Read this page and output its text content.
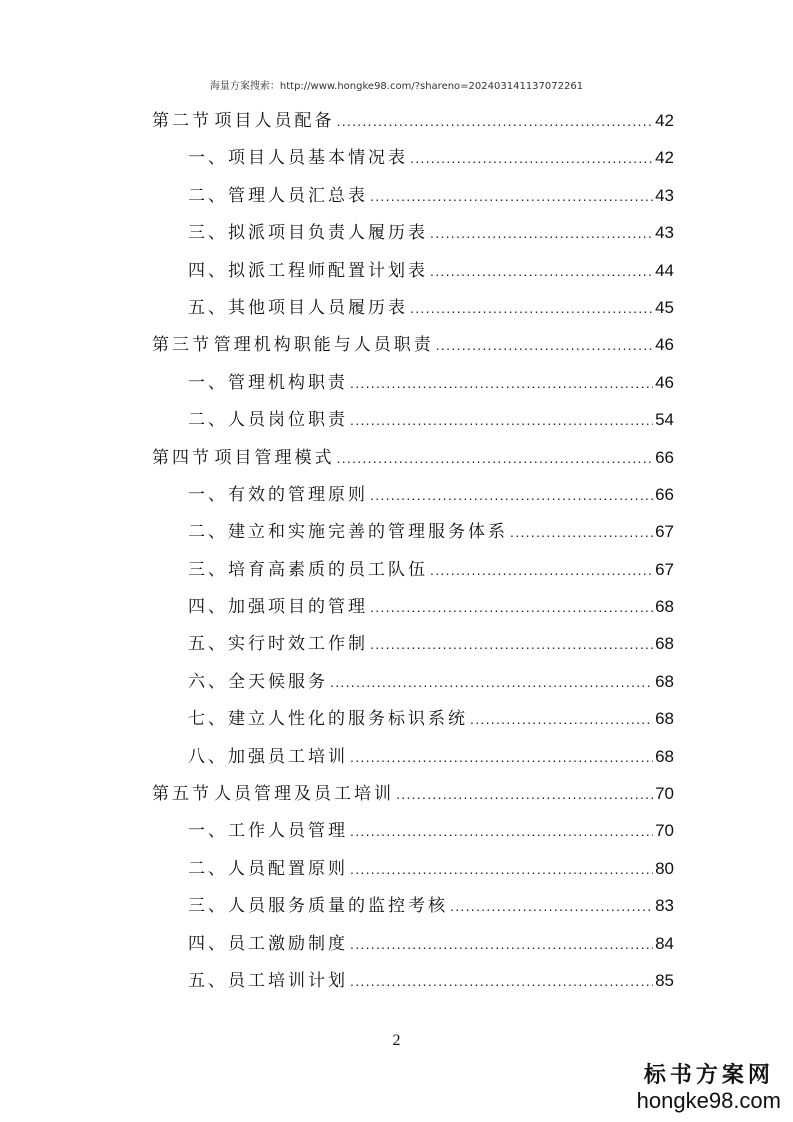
海量方案搜索：http://www.hongke98.com/?shareno=202403141137072261
第二节 项目人员配备 .....	42
一、 项目人员基本情况表 .....	42
二、 管理人员汇总表 .....	43
三、 拟派项目负责人履历表 .....	43
四、 拟派工程师配置计划表 .....	44
五、 其他项目人员履历表 .....	45
第三节 管理机构职能与人员职责 .....	46
一、 管理机构职责 .....	46
二、 人员岗位职责 .....	54
第四节 项目管理模式 .....	66
一、 有效的管理原则 .....	66
二、 建立和实施完善的管理服务体系 .....	67
三、 培育高素质的员工队伍 .....	67
四、 加强项目的管理 .....	68
五、 实行时效工作制 .....	68
六、 全天候服务 .....	68
七、 建立人性化的服务标识系统 .....	68
八、 加强员工培训 .....	68
第五节 人员管理及员工培训 .....	70
一、 工作人员管理 .....	70
二、 人员配置原则 .....	80
三、 人员服务质量的监控考核 .....	83
四、 员工激励制度 .....	84
五、 员工培训计划 .....	85
2
标书方案网
hongke98.com
